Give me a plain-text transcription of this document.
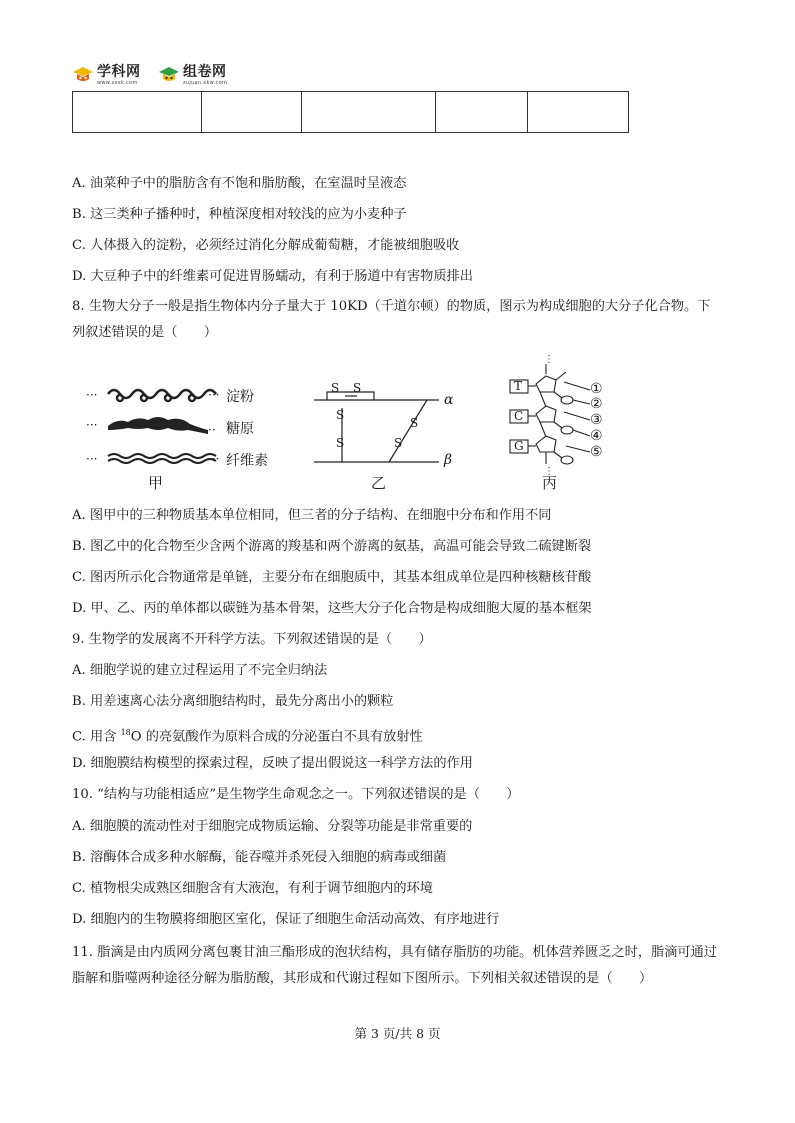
学科网
www.zxxk.com
组卷网
zujuan.xkw.com

A. 油菜种子中的脂肪含有不饱和脂肪酸，在室温时呈液态
B. 这三类种子播种时，种植深度相对较浅的应为小麦种子
C. 人体摄入的淀粉，必须经过消化分解成葡萄糖，才能被细胞吸收
D. 大豆种子中的纤维素可促进胃肠蠕动，有利于肠道中有害物质排出
8. 生物大分子一般是指生物体内分子量大于 10KD（千道尔顿）的物质，图示为构成细胞的大分子化合物。下列叙述错误的是（　　）
···	···
···	··
···	···
淀粉
糖原
纤维素
甲
S S
S
S
S
S
α
β
乙
⋮
⋮
T
C
G
①
②
③
④
⑤
丙
A. 图甲中的三种物质基本单位相同，但三者的分子结构、在细胞中分布和作用不同
B. 图乙中的化合物至少含两个游离的羧基和两个游离的氨基，高温可能会导致二硫键断裂
C. 图丙所示化合物通常是单链，主要分布在细胞质中，其基本组成单位是四种核糖核苷酸
D. 甲、乙、丙的单体都以碳链为基本骨架，这些大分子化合物是构成细胞大厦的基本框架
9. 生物学的发展离不开科学方法。下列叙述错误的是（　　）
A. 细胞学说的建立过程运用了不完全归纳法
B. 用差速离心法分离细胞结构时，最先分离出小的颗粒
C. 用含 $^{18}$O 的亮氨酸作为原料合成的分泌蛋白不具有放射性
D. 细胞膜结构模型的探索过程，反映了提出假说这一科学方法的作用
10. “结构与功能相适应”是生物学生命观念之一。下列叙述错误的是（　　）
A. 细胞膜的流动性对于细胞完成物质运输、分裂等功能是非常重要的
B. 溶酶体合成多种水解酶，能吞噬并杀死侵入细胞的病毒或细菌
C. 植物根尖成熟区细胞含有大液泡，有利于调节细胞内的环境
D. 细胞内的生物膜将细胞区室化，保证了细胞生命活动高效、有序地进行
11. 脂滴是由内质网分离包裹甘油三酯形成的泡状结构，具有储存脂肪的功能。机体营养匮乏之时，脂滴可通过脂解和脂噬两种途径分解为脂肪酸，其形成和代谢过程如下图所示。下列相关叙述错误的是（　　）
第 3 页/共 8 页
